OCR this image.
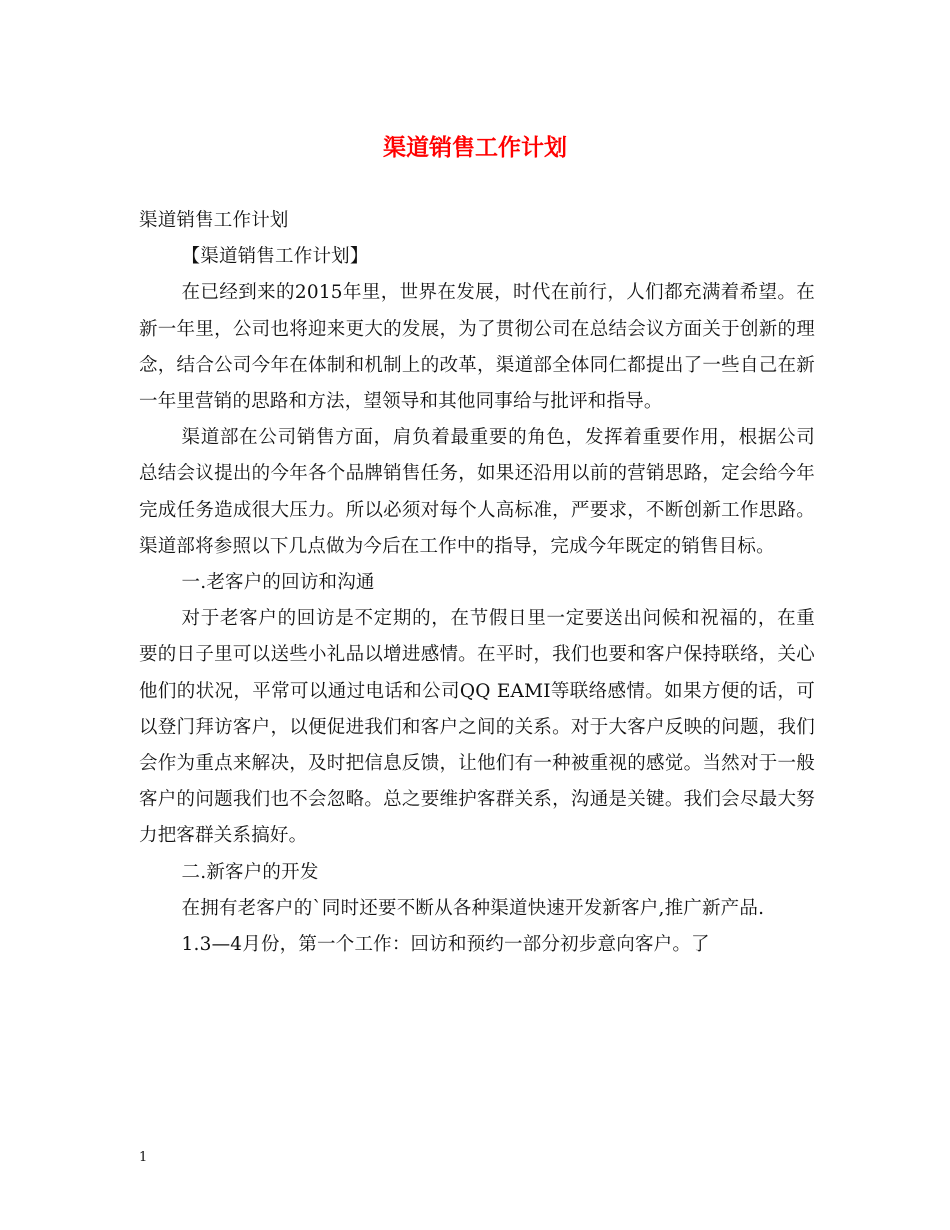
渠道销售工作计划

渠道销售工作计划

【渠道销售工作计划】

在已经到来的2015年里，世界在发展，时代在前行，人们都充满着希望。在新一年里，公司也将迎来更大的发展，为了贯彻公司在总结会议方面关于创新的理念，结合公司今年在体制和机制上的改革，渠道部全体同仁都提出了一些自己在新一年里营销的思路和方法，望领导和其他同事给与批评和指导。

渠道部在公司销售方面，肩负着最重要的角色，发挥着重要作用，根据公司总结会议提出的今年各个品牌销售任务，如果还沿用以前的营销思路，定会给今年完成任务造成很大压力。所以必须对每个人高标准，严要求，不断创新工作思路。渠道部将参照以下几点做为今后在工作中的指导，完成今年既定的销售目标。

一.老客户的回访和沟通

对于老客户的回访是不定期的，在节假日里一定要送出问候和祝福的，在重要的日子里可以送些小礼品以增进感情。在平时，我们也要和客户保持联络，关心他们的状况，平常可以通过电话和公司QQ EAMI等联络感情。如果方便的话，可以登门拜访客户，以便促进我们和客户之间的关系。对于大客户反映的问题，我们会作为重点来解决，及时把信息反馈，让他们有一种被重视的感觉。当然对于一般客户的问题我们也不会忽略。总之要维护客群关系，沟通是关键。我们会尽最大努力把客群关系搞好。

二.新客户的开发

在拥有老客户的`同时还要不断从各种渠道快速开发新客户,推广新产品.

1.3—4月份，第一个工作：回访和预约一部分初步意向客户。了

1
